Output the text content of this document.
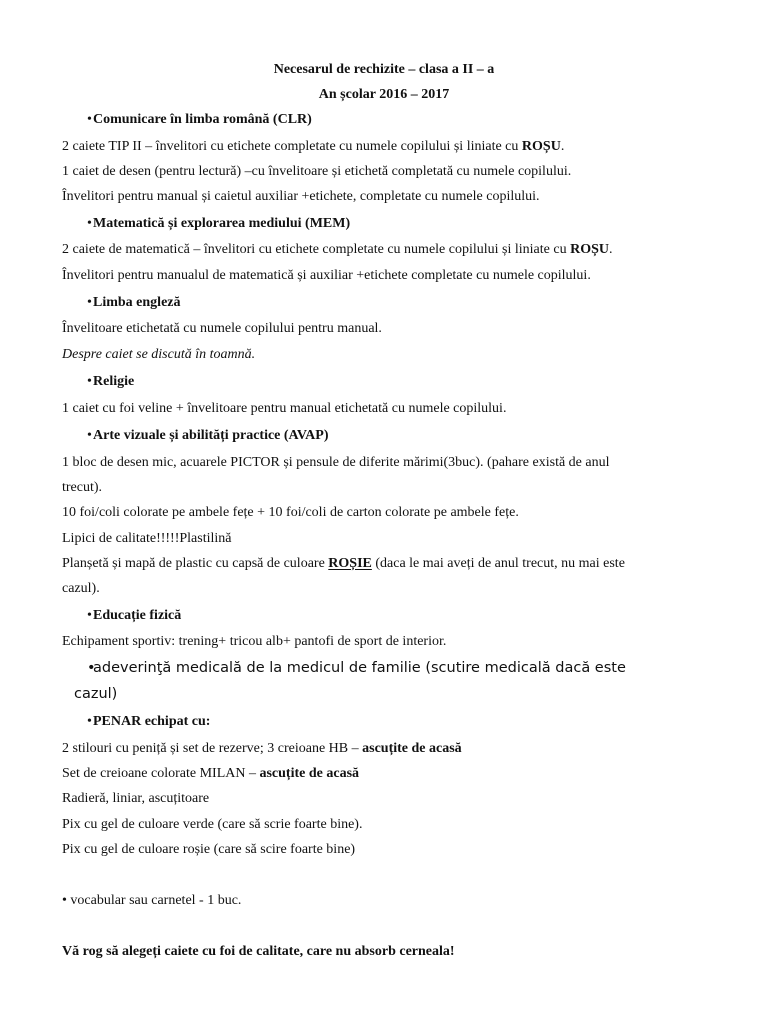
Necesarul de rechizite – clasa a II – a
An școlar 2016 – 2017
• Comunicare în limba română (CLR)
2 caiete TIP II – învelitori cu etichete completate cu numele copilului și liniate cu ROȘU.
1 caiet de desen (pentru lectură) –cu învelitoare și etichetă completată cu numele copilului.
Învelitori pentru manual și caietul auxiliar +etichete, completate cu numele copilului.
• Matematică și explorarea mediului (MEM)
2 caiete de matematică – învelitori cu etichete completate cu numele copilului și liniate cu ROȘU.
Învelitori pentru manualul de matematică și auxiliar +etichete completate cu numele copilului.
• Limba engleză
Învelitoare etichetată cu numele copilului pentru manual.
Despre caiet se discută în toamnă.
• Religie
1 caiet cu foi veline + învelitoare pentru manual etichetată cu numele copilului.
• Arte vizuale și abilități practice (AVAP)
1 bloc de desen mic, acuarele PICTOR și pensule de diferite mărimi(3buc). (pahare există de anul
trecut).
10 foi/coli colorate pe ambele fețe + 10 foi/coli de carton colorate pe ambele fețe.
Lipici de calitate!!!!!Plastilină
Planșetă și mapă de plastic cu capsă de culoare ROȘIE (daca le mai aveți de anul trecut, nu mai este
cazul).
• Educație fizică
Echipament sportiv: trening+ tricou alb+ pantofi de sport de interior.
•
adeverinţă medicală de la medicul de familie (scutire medicală dacă este
cazul)
• PENAR echipat cu:
2 stilouri cu peniță și set de rezerve; 3 creioane HB – ascuțite de acasă
Set de creioane colorate MILAN – ascuțite de acasă
Radieră, liniar, ascuțitoare
Pix cu gel de culoare verde (care să scrie foarte bine).
Pix cu gel de culoare roșie (care să scire foarte bine)
• vocabular sau carnetel - 1 buc.
Vă rog să alegeți caiete cu foi de calitate, care nu absorb cerneala!
